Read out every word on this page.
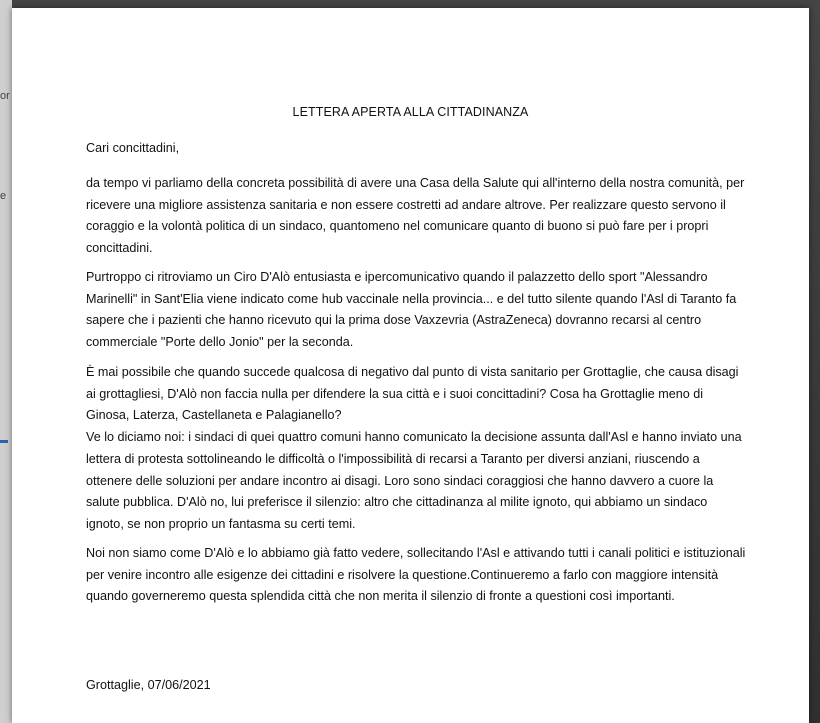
or
e
LETTERA APERTA ALLA CITTADINANZA

Cari concittadini,

da tempo vi parliamo della concreta possibilità di avere una Casa della Salute qui all'interno della nostra comunità, per ricevere una migliore assistenza sanitaria e non essere costretti ad andare altrove. Per realizzare questo servono il coraggio e la volontà politica di un sindaco, quantomeno nel comunicare quanto di buono si può fare per i propri concittadini.

Purtroppo ci ritroviamo un Ciro D'Alò entusiasta e ipercomunicativo quando il palazzetto dello sport "Alessandro Marinelli" in Sant'Elia viene indicato come hub vaccinale nella provincia... e del tutto silente quando l'Asl di Taranto fa sapere che i pazienti che hanno ricevuto qui la prima dose Vaxzevria (AstraZeneca) dovranno recarsi al centro commerciale "Porte dello Jonio" per la seconda.

È mai possibile che quando succede qualcosa di negativo dal punto di vista sanitario per Grottaglie, che causa disagi ai grottagliesi, D'Alò non faccia nulla per difendere la sua città e i suoi concittadini? Cosa ha Grottaglie meno di Ginosa, Laterza, Castellaneta e Palagianello?

Ve lo diciamo noi: i sindaci di quei quattro comuni hanno comunicato la decisione assunta dall'Asl e hanno inviato una lettera di protesta sottolineando le difficoltà o l'impossibilità di recarsi a Taranto per diversi anziani, riuscendo a ottenere delle soluzioni per andare incontro ai disagi. Loro sono sindaci coraggiosi che hanno davvero a cuore la salute pubblica. D'Alò no, lui preferisce il silenzio: altro che cittadinanza al milite ignoto, qui abbiamo un sindaco ignoto, se non proprio un fantasma su certi temi.

Noi non siamo come D'Alò e lo abbiamo già fatto vedere, sollecitando l'Asl e attivando tutti i canali politici e istituzionali per venire incontro alle esigenze dei cittadini e risolvere la questione.Continueremo a farlo con maggiore intensità quando governeremo questa splendida città che non merita il silenzio di fronte a questioni così importanti.

Grottaglie, 07/06/2021
